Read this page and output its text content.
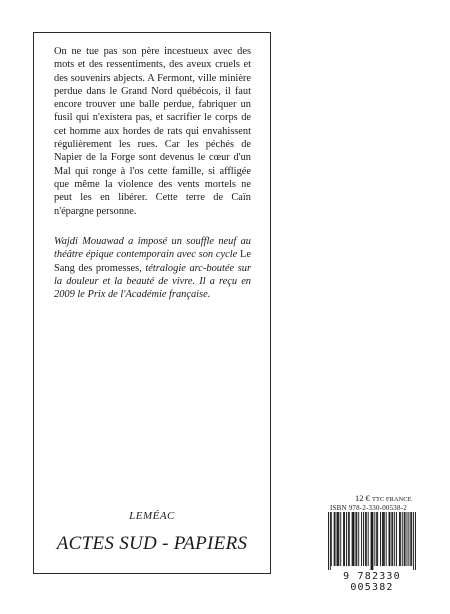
On ne tue pas son père incestueux avec des mots et des ressentiments, des aveux cruels et des souvenirs abjects. A Fermont, ville minière perdue dans le Grand Nord québécois, il faut encore trouver une balle perdue, fabriquer un fusil qui n'existera pas, et sacrifier le corps de cet homme aux hordes de rats qui envahissent régulièrement les rues. Car les péchés de Napier de la Forge sont devenus le cœur d'un Mal qui ronge à l'os cette famille, si affligée que même la violence des vents mortels ne peut les en libérer. Cette terre de Caïn n'épargne personne.

Wajdi Mouawad a imposé un souffle neuf au théâtre épique contemporain avec son cycle Le Sang des promesses, tétralogie arc-boutée sur la douleur et la beauté de vivre. Il a reçu en 2009 le Prix de l'Académie française.

LEMÉAC
ACTES SUD - PAPIERS
12 € TTC FRANCE
ISBN 978-2-330-00538-2
9 782330 005382
